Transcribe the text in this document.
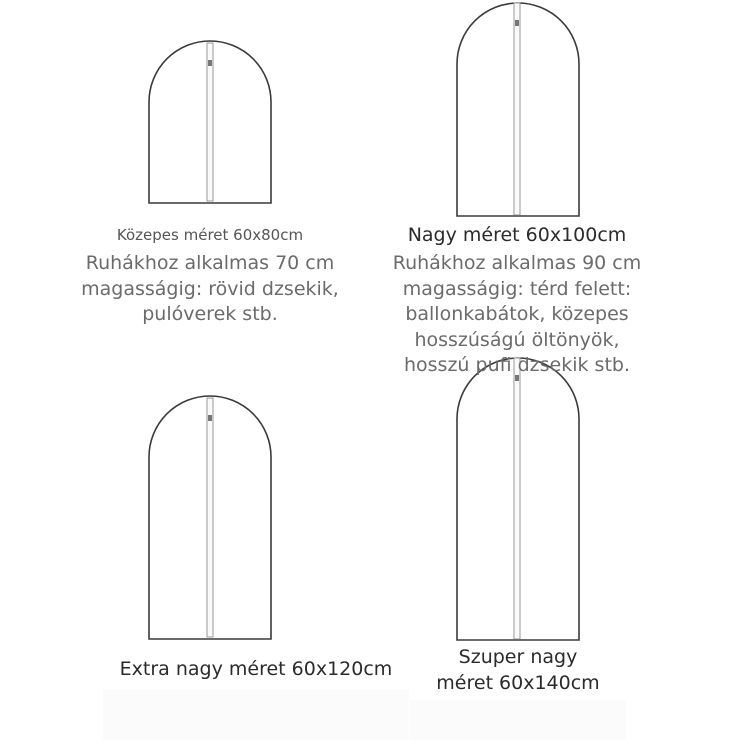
Közepes méret 60x80cm
Ruhákhoz alkalmas 70 cm
magasságig: rövid dzsekik,
pulóverek stb.
Nagy méret 60x100cm
Ruhákhoz alkalmas 90 cm
magasságig: térd felett:
ballonkabátok, közepes
hosszúságú öltönyök,
hosszú pufi dzsekik stb.
Extra nagy méret 60x120cm
Szuper nagy
méret 60x140cm
